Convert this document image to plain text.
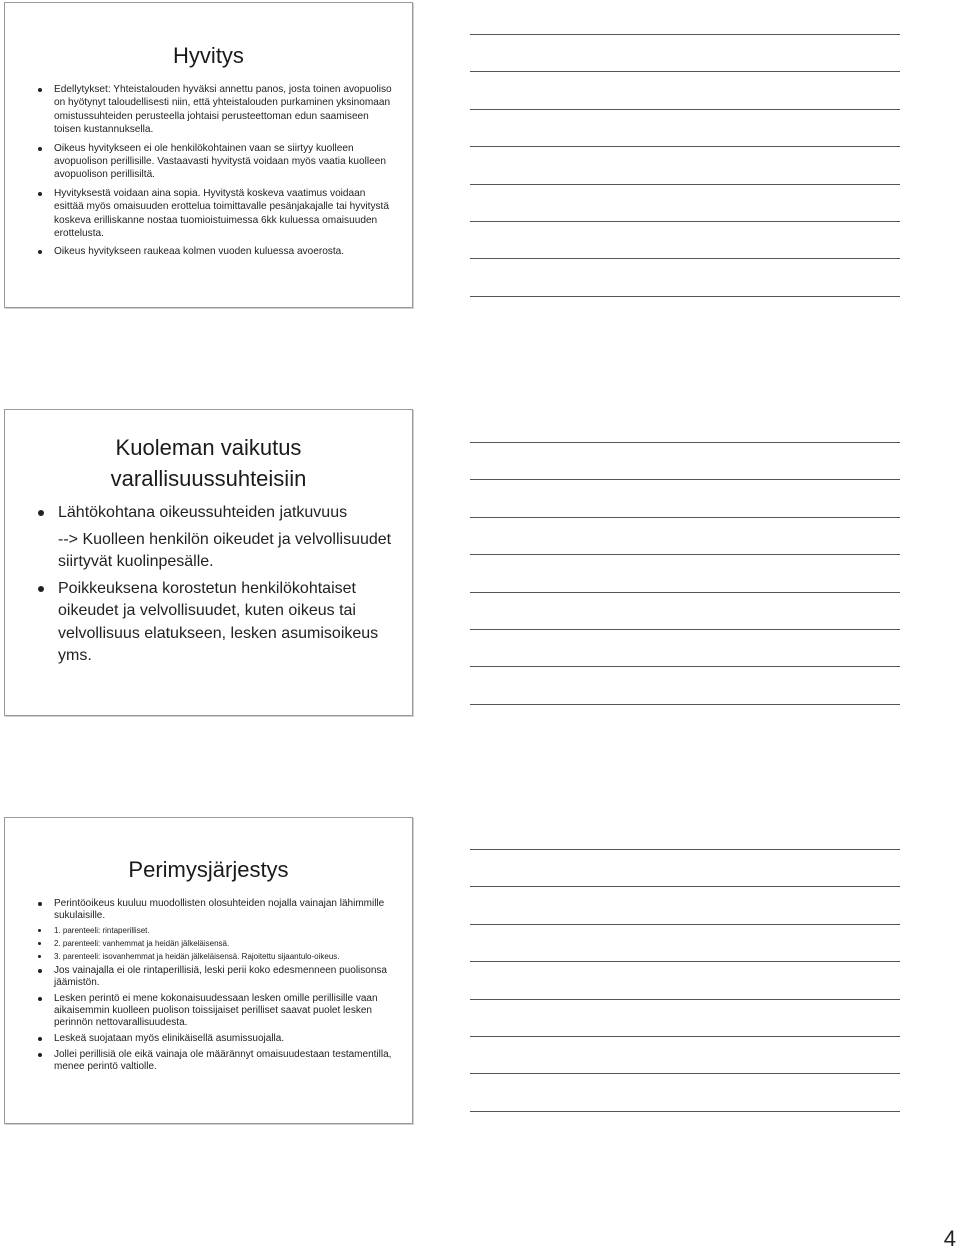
Hyvitys
Edellytykset: Yhteistalouden hyväksi annettu panos, josta toinen avopuoliso on hyötynyt taloudellisesti niin, että yhteistalouden purkaminen yksinomaan omistussuhteiden perusteella johtaisi perusteettoman edun saamiseen toisen kustannuksella.
Oikeus hyvitykseen ei ole henkilökohtainen vaan se siirtyy kuolleen avopuolison perillisille. Vastaavasti hyvitystä voidaan myös vaatia kuolleen avopuolison perillisiltä.
Hyvityksestä voidaan aina sopia. Hyvitystä koskeva vaatimus voidaan esittää myös omaisuuden erottelua toimittavalle pesänjakajalle tai hyvitystä koskeva erilliskanne nostaa tuomioistuimessa 6kk kuluessa omaisuuden erottelusta.
Oikeus hyvitykseen raukeaa kolmen vuoden kuluessa avoerosta.
Kuoleman vaikutus
varallisuussuhteisiin
Lähtökohtana oikeussuhteiden jatkuvuus
--> Kuolleen henkilön oikeudet ja velvollisuudet siirtyvät kuolinpesälle.
Poikkeuksena korostetun henkilökohtaiset oikeudet ja velvollisuudet, kuten oikeus tai velvollisuus elatukseen, lesken asumisoikeus yms.
Perimysjärjestys
Perintöoikeus kuuluu muodollisten olosuhteiden nojalla vainajan lähimmille sukulaisille.
1. parenteeli: rintaperilliset.
2. parenteeli: vanhemmat ja heidän jälkeläisensä.
3. parenteeli: isovanhemmat ja heidän jälkeläisensä. Rajoitettu sijaantulo-oikeus.
Jos vainajalla ei ole rintaperillisiä, leski perii koko edesmenneen puolisonsa jäämistön.
Lesken perintö ei mene kokonaisuudessaan lesken omille perillisille vaan aikaisemmin kuolleen puolison toissijaiset perilliset saavat puolet lesken perinnön nettovarallisuudesta.
Leskeä suojataan myös elinikäisellä asumissuojalla.
Jollei perillisiä ole eikä vainaja ole määrännyt omaisuudestaan testamentilla, menee perintö valtiolle.
4
